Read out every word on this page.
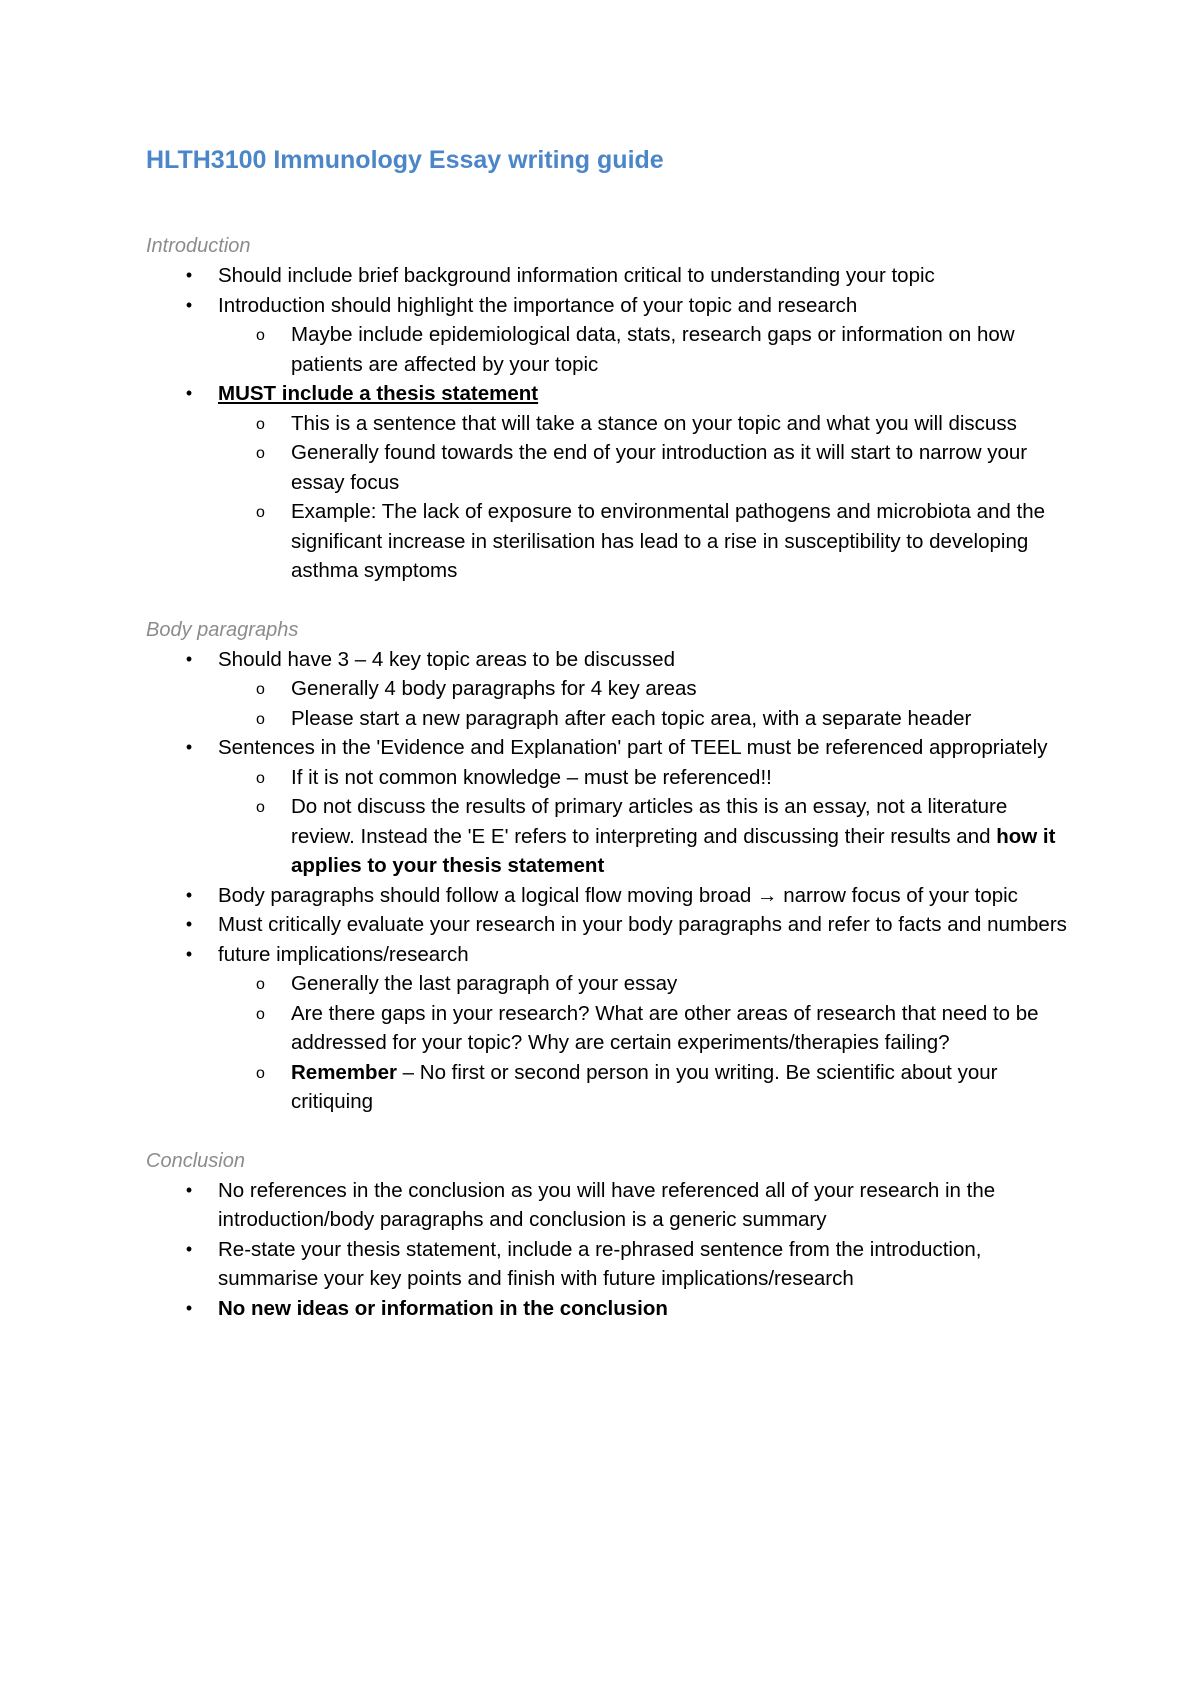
HLTH3100 Immunology Essay writing guide

Introduction

• Should include brief background information critical to understanding your topic
• Introduction should highlight the importance of your topic and research
o Maybe include epidemiological data, stats, research gaps or information on how patients are affected by your topic
• MUST include a thesis statement
o This is a sentence that will take a stance on your topic and what you will discuss
o Generally found towards the end of your introduction as it will start to narrow your essay focus
o Example: The lack of exposure to environmental pathogens and microbiota and the significant increase in sterilisation has lead to a rise in susceptibility to developing asthma symptoms

Body paragraphs

• Should have 3 – 4 key topic areas to be discussed
o Generally 4 body paragraphs for 4 key areas
o Please start a new paragraph after each topic area, with a separate header
• Sentences in the 'Evidence and Explanation' part of TEEL must be referenced appropriately
o If it is not common knowledge – must be referenced!!
o Do not discuss the results of primary articles as this is an essay, not a literature review. Instead the 'E E' refers to interpreting and discussing their results and how it applies to your thesis statement
• Body paragraphs should follow a logical flow moving broad → narrow focus of your topic
• Must critically evaluate your research in your body paragraphs and refer to facts and numbers
• future implications/research
o Generally the last paragraph of your essay
o Are there gaps in your research? What are other areas of research that need to be addressed for your topic? Why are certain experiments/therapies failing?
o Remember – No first or second person in you writing. Be scientific about your critiquing

Conclusion

• No references in the conclusion as you will have referenced all of your research in the introduction/body paragraphs and conclusion is a generic summary
• Re-state your thesis statement, include a re-phrased sentence from the introduction, summarise your key points and finish with future implications/research
• No new ideas or information in the conclusion
